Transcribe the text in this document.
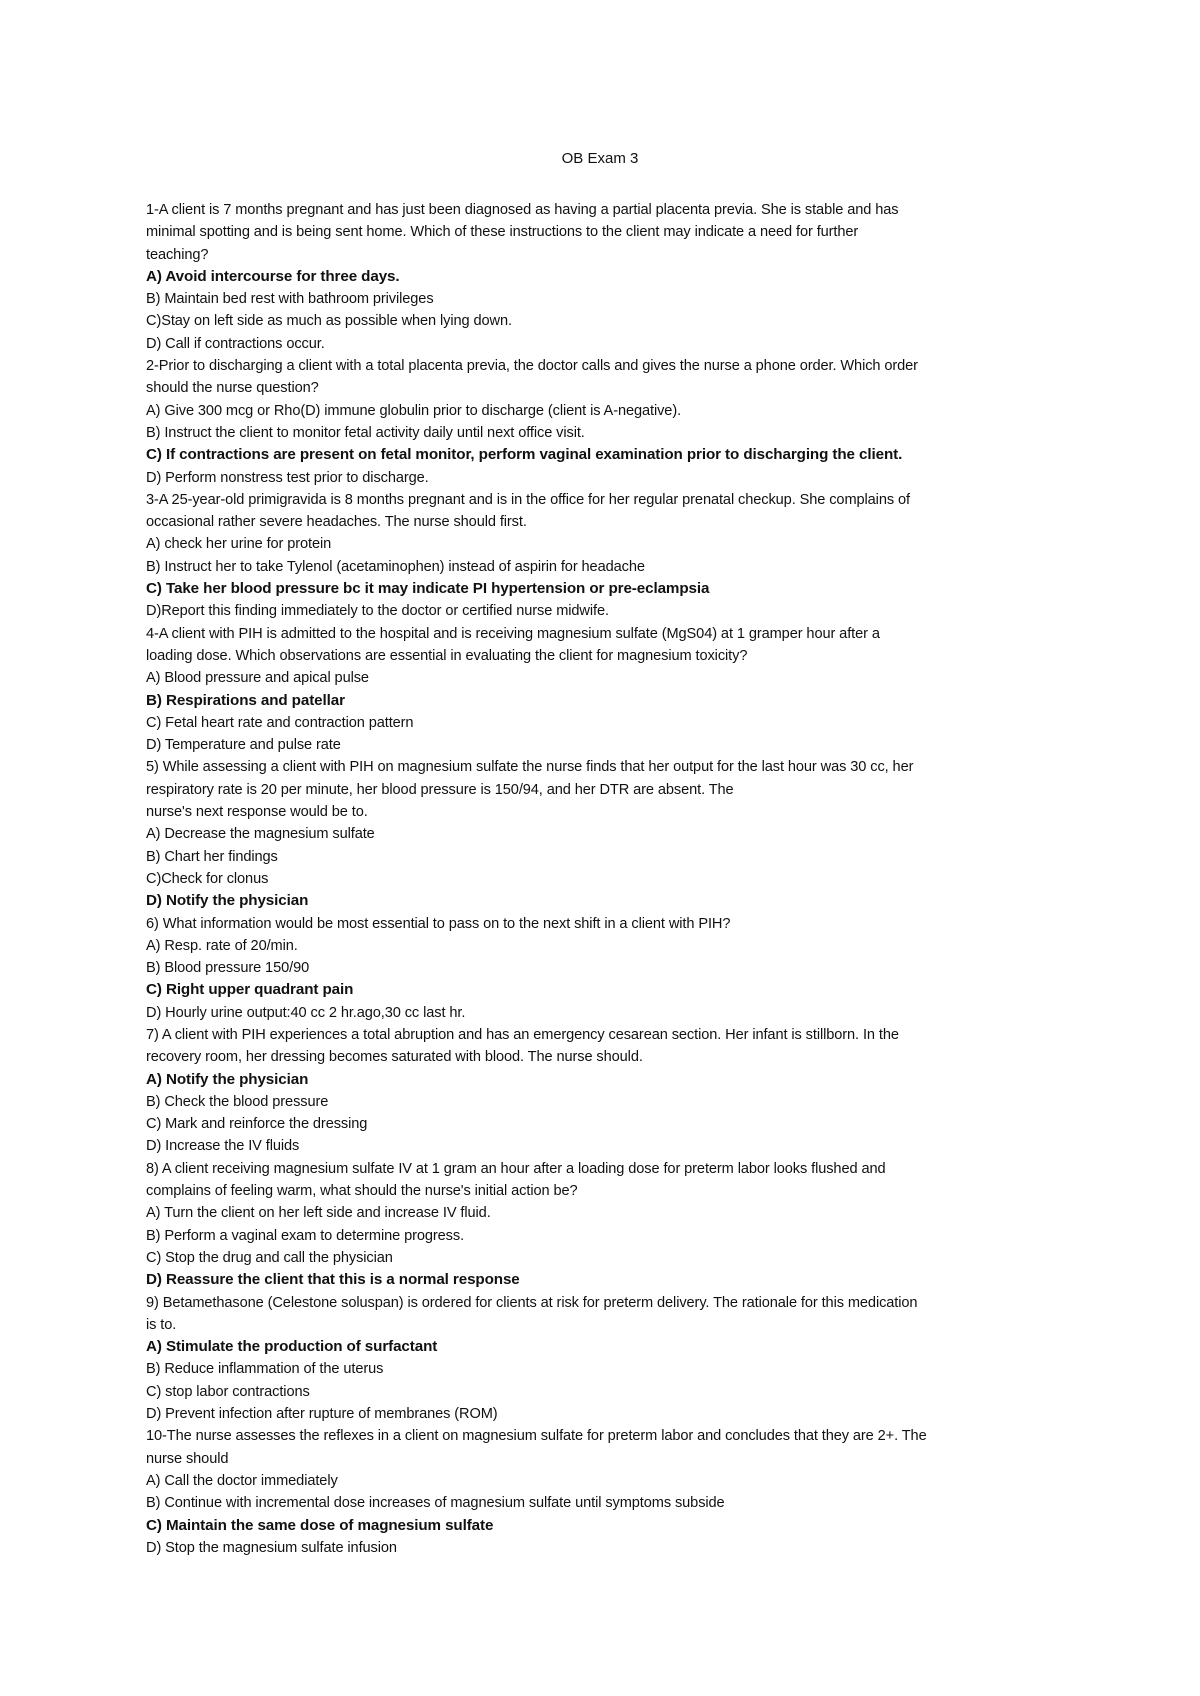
OB Exam 3
1-A client is 7 months pregnant and has just been diagnosed as having a partial placenta previa. She is stable and has
minimal spotting and is being sent home. Which of these instructions to the client may indicate a need for further
teaching?
A) Avoid intercourse for three days.
B) Maintain bed rest with bathroom privileges
C)Stay on left side as much as possible when lying down.
D) Call if contractions occur.
2-Prior to discharging a client with a total placenta previa, the doctor calls and gives the nurse a phone order. Which order
should the nurse question?
A) Give 300 mcg or Rho(D) immune globulin prior to discharge (client is A-negative).
B) Instruct the client to monitor fetal activity daily until next office visit.
C) If contractions are present on fetal monitor, perform vaginal examination prior to discharging the client.
D) Perform nonstress test prior to discharge.
3-A 25-year-old primigravida is 8 months pregnant and is in the office for her regular prenatal checkup. She complains of
occasional rather severe headaches. The nurse should first.
A) check her urine for protein
B) Instruct her to take Tylenol (acetaminophen) instead of aspirin for headache
C) Take her blood pressure bc it may indicate PI hypertension or pre-eclampsia
D)Report this finding immediately to the doctor or certified nurse midwife.
4-A client with PIH is admitted to the hospital and is receiving magnesium sulfate (MgS04) at 1 gramper hour after a
loading dose. Which observations are essential in evaluating the client for magnesium toxicity?
A) Blood pressure and apical pulse
B) Respirations and patellar
C) Fetal heart rate and contraction pattern
D) Temperature and pulse rate
5) While assessing a client with PIH on magnesium sulfate the nurse finds that her output for the last hour was 30 cc, her
respiratory rate is 20 per minute, her blood pressure is 150/94, and her DTR are absent. The
nurse's next response would be to.
A) Decrease the magnesium sulfate
B) Chart her findings
C)Check for clonus
D) Notify the physician
6) What information would be most essential to pass on to the next shift in a client with PIH?
A) Resp. rate of 20/min.
B) Blood pressure 150/90
C) Right upper quadrant pain
D) Hourly urine output:40 cc 2 hr.ago,30 cc last hr.
7) A client with PIH experiences a total abruption and has an emergency cesarean section. Her infant is stillborn. In the
recovery room, her dressing becomes saturated with blood. The nurse should.
A) Notify the physician
B) Check the blood pressure
C) Mark and reinforce the dressing
D) Increase the IV fluids
8) A client receiving magnesium sulfate IV at 1 gram an hour after a loading dose for preterm labor looks flushed and
complains of feeling warm, what should the nurse's initial action be?
A) Turn the client on her left side and increase IV fluid.
B) Perform a vaginal exam to determine progress.
C) Stop the drug and call the physician
D) Reassure the client that this is a normal response
9) Betamethasone (Celestone soluspan) is ordered for clients at risk for preterm delivery. The rationale for this medication
is to.
A) Stimulate the production of surfactant
B) Reduce inflammation of the uterus
C) stop labor contractions
D) Prevent infection after rupture of membranes (ROM)
10-The nurse assesses the reflexes in a client on magnesium sulfate for preterm labor and concludes that they are 2+. The
nurse should
A) Call the doctor immediately
B) Continue with incremental dose increases of magnesium sulfate until symptoms subside
C) Maintain the same dose of magnesium sulfate
D) Stop the magnesium sulfate infusion
